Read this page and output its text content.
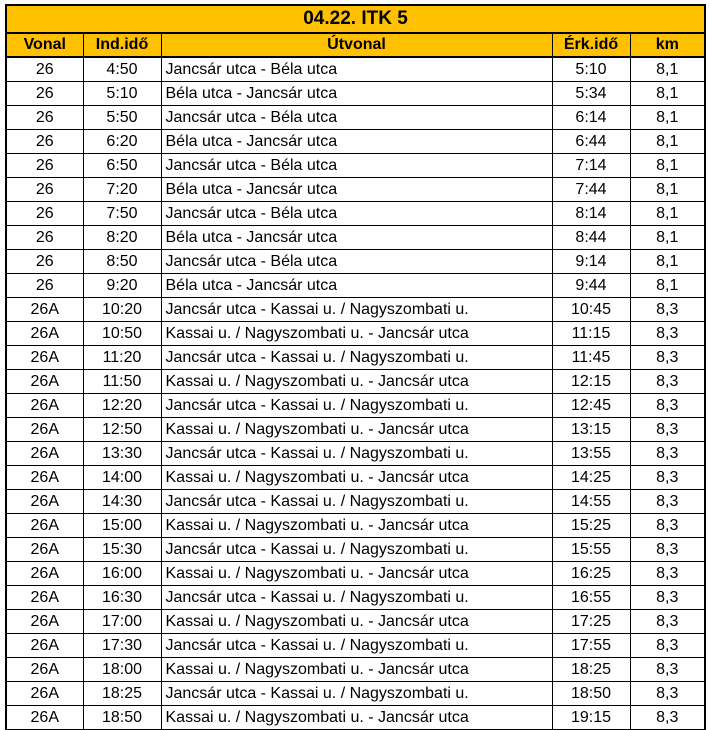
04.22. ITK 5				
Vonal	Ind.idő	Útvonal	Érk.idő	km
26	4:50	Jancsár utca - Béla utca	5:10	8,1
26	5:10	Béla utca - Jancsár utca	5:34	8,1
26	5:50	Jancsár utca - Béla utca	6:14	8,1
26	6:20	Béla utca - Jancsár utca	6:44	8,1
26	6:50	Jancsár utca - Béla utca	7:14	8,1
26	7:20	Béla utca - Jancsár utca	7:44	8,1
26	7:50	Jancsár utca - Béla utca	8:14	8,1
26	8:20	Béla utca - Jancsár utca	8:44	8,1
26	8:50	Jancsár utca - Béla utca	9:14	8,1
26	9:20	Béla utca - Jancsár utca	9:44	8,1
26A	10:20	Jancsár utca - Kassai u. / Nagyszombati u.	10:45	8,3
26A	10:50	Kassai u. / Nagyszombati u. - Jancsár utca	11:15	8,3
26A	11:20	Jancsár utca - Kassai u. / Nagyszombati u.	11:45	8,3
26A	11:50	Kassai u. / Nagyszombati u. - Jancsár utca	12:15	8,3
26A	12:20	Jancsár utca - Kassai u. / Nagyszombati u.	12:45	8,3
26A	12:50	Kassai u. / Nagyszombati u. - Jancsár utca	13:15	8,3
26A	13:30	Jancsár utca - Kassai u. / Nagyszombati u.	13:55	8,3
26A	14:00	Kassai u. / Nagyszombati u. - Jancsár utca	14:25	8,3
26A	14:30	Jancsár utca - Kassai u. / Nagyszombati u.	14:55	8,3
26A	15:00	Kassai u. / Nagyszombati u. - Jancsár utca	15:25	8,3
26A	15:30	Jancsár utca - Kassai u. / Nagyszombati u.	15:55	8,3
26A	16:00	Kassai u. / Nagyszombati u. - Jancsár utca	16:25	8,3
26A	16:30	Jancsár utca - Kassai u. / Nagyszombati u.	16:55	8,3
26A	17:00	Kassai u. / Nagyszombati u. - Jancsár utca	17:25	8,3
26A	17:30	Jancsár utca - Kassai u. / Nagyszombati u.	17:55	8,3
26A	18:00	Kassai u. / Nagyszombati u. - Jancsár utca	18:25	8,3
26A	18:25	Jancsár utca - Kassai u. / Nagyszombati u.	18:50	8,3
26A	18:50	Kassai u. / Nagyszombati u. - Jancsár utca	19:15	8,3
